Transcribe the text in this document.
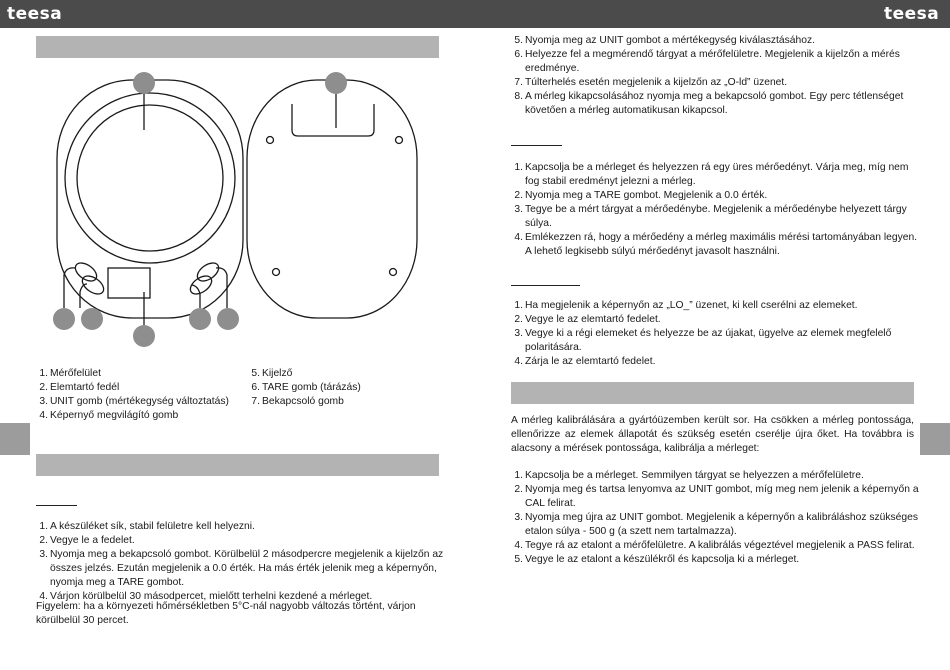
teesa	teesa
1. Mérőfelület
2. Elemtartó fedél
3. UNIT gomb (mértékegység változtatás)
4. Képernyő megvilágító gomb
5. Kijelző
6. TARE gomb (tárázás)
7. Bekapcsoló gomb
1. A készüléket sík, stabil felületre kell helyezni.
2. Vegye le a fedelet.
3. Nyomja meg a bekapcsoló gombot. Körülbelül 2 másodpercre megjelenik a kijelzőn az összes jelzés. Ezután megjelenik a 0.0 érték. Ha más érték jelenik meg a képernyőn, nyomja meg a TARE gombot.
4. Várjon körülbelül 30 másodpercet, mielőtt terhelni kezdené a mérleget.
Figyelem: ha a környezeti hőmérsékletben 5°C-nál nagyobb változás történt, várjon körülbelül 30 percet.
5. Nyomja meg az UNIT gombot a mértékegység kiválasztásához.
6. Helyezze fel a megmérendő tárgyat a mérőfelületre. Megjelenik a kijelzőn a mérés eredménye.
7. Túlterhelés esetén megjelenik a kijelzőn az „O-ld” üzenet.
8. A mérleg kikapcsolásához nyomja meg a bekapcsoló gombot. Egy perc tétlenséget követően a mérleg automatikusan kikapcsol.
1. Kapcsolja be a mérleget és helyezzen rá egy üres mérőedényt. Várja meg, míg nem fog stabil eredményt jelezni a mérleg.
2. Nyomja meg a TARE gombot. Megjelenik a 0.0 érték.
3. Tegye be a mért tárgyat a mérőedénybe. Megjelenik a mérőedénybe helyezett tárgy súlya.
4. Emlékezzen rá, hogy a mérőedény a mérleg maximális mérési tartományában legyen. A lehető legkisebb súlyú mérőedényt javasolt használni.
1. Ha megjelenik a képernyőn az „LO_” üzenet, ki kell cserélni az elemeket.
2. Vegye le az elemtartó fedelet.
3. Vegye ki a régi elemeket és helyezze be az újakat, ügyelve az elemek megfelelő polaritására.
4. Zárja le az elemtartó fedelet.
A mérleg kalibrálására a gyártóüzemben került sor. Ha csökken a mérleg pontossága, ellenőrizze az elemek állapotát és szükség esetén cserélje újra őket. Ha továbbra is alacsony a mérések pontossága, kalibrálja a mérleget:
1. Kapcsolja be a mérleget. Semmilyen tárgyat se helyezzen a mérőfelületre.
2. Nyomja meg és tartsa lenyomva az UNIT gombot, míg meg nem jelenik a képernyőn a CAL felirat.
3. Nyomja meg újra az UNIT gombot. Megjelenik a képernyőn a kalibráláshoz szükséges etalon súlya - 500 g (a szett nem tartalmazza).
4. Tegye rá az etalont a mérőfelületre. A kalibrálás végeztével megjelenik a PASS felirat.
5. Vegye le az etalont a készülékről és kapcsolja ki a mérleget.
